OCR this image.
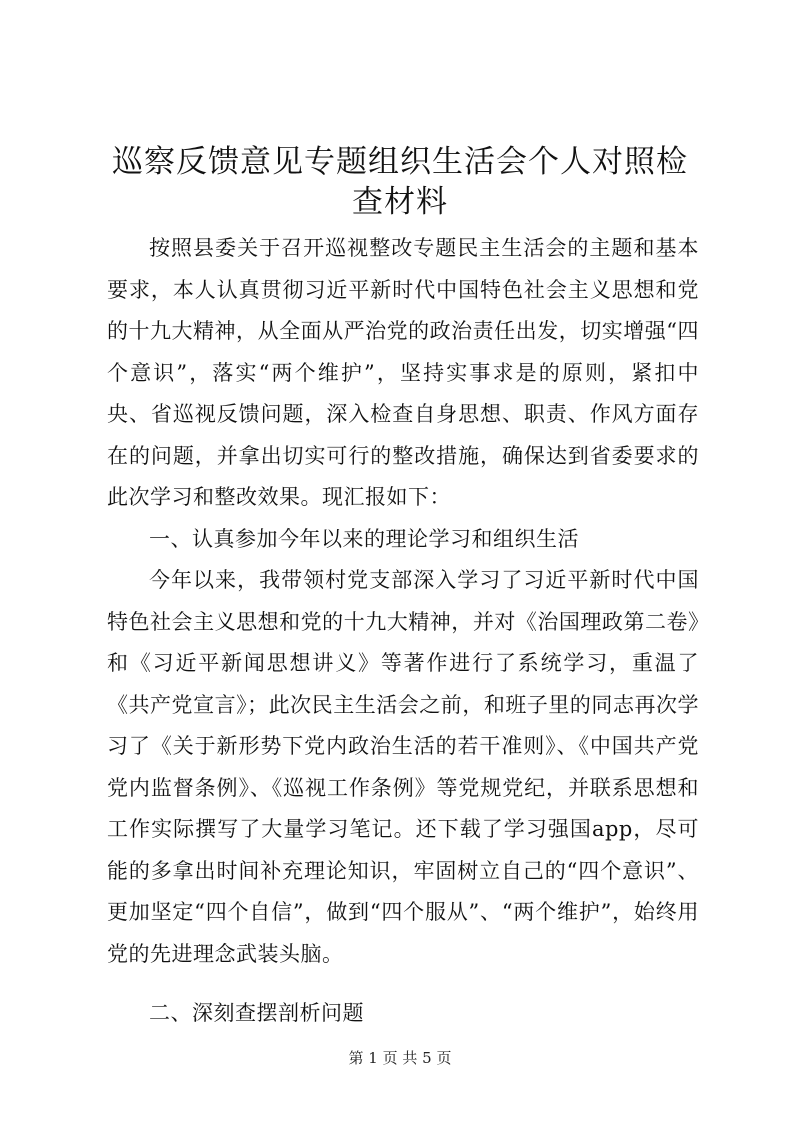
巡察反馈意见专题组织生活会个人对照检查材料

按照县委关于召开巡视整改专题民主生活会的主题和基本要求，本人认真贯彻习近平新时代中国特色社会主义思想和党的十九大精神，从全面从严治党的政治责任出发，切实增强“四个意识”，落实“两个维护”，坚持实事求是的原则，紧扣中央、省巡视反馈问题，深入检查自身思想、职责、作风方面存在的问题，并拿出切实可行的整改措施，确保达到省委要求的此次学习和整改效果。现汇报如下：

一、认真参加今年以来的理论学习和组织生活

今年以来，我带领村党支部深入学习了习近平新时代中国特色社会主义思想和党的十九大精神，并对《治国理政第二卷》和《习近平新闻思想讲义》等著作进行了系统学习，重温了《共产党宣言》；此次民主生活会之前，和班子里的同志再次学习了《关于新形势下党内政治生活的若干准则》、《中国共产党党内监督条例》、《巡视工作条例》等党规党纪，并联系思想和工作实际撰写了大量学习笔记。还下载了学习强国app，尽可能的多拿出时间补充理论知识，牢固树立自己的“四个意识”、更加坚定“四个自信”，做到“四个服从”、“两个维护”，始终用党的先进理念武装头脑。

二、深刻查摆剖析问题

第 1 页 共 5 页
